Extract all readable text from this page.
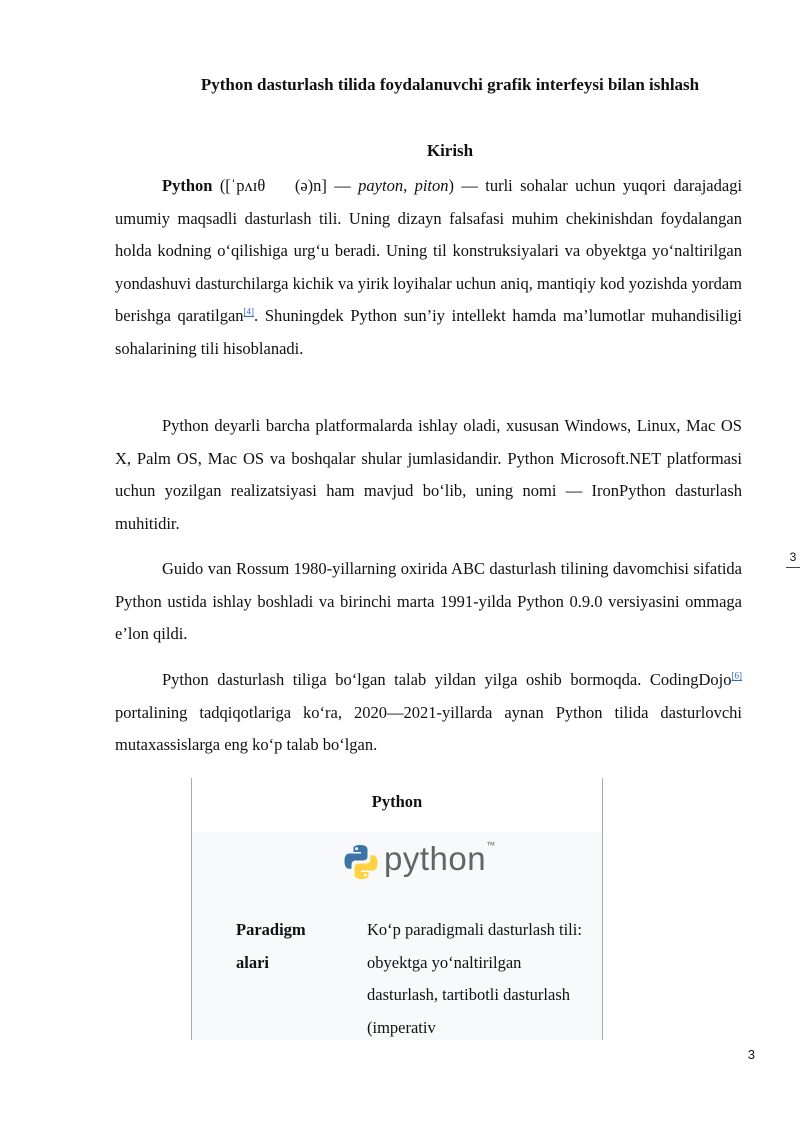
Python dasturlash tilida foydalanuvchi grafik interfeysi bilan ishlash
Kirish
Python ([ˈpʌɪθ (ə)n] — payton, piton) — turli sohalar uchun yuqori darajadagi umumiy maqsadli dasturlash tili. Uning dizayn falsafasi muhim chekinishdan foydalangan holda kodning oʻqilishiga urgʻu beradi. Uning til konstruksiyalari va obyektga yoʻnaltirilgan yondashuvi dasturchilarga kichik va yirik loyihalar uchun aniq, mantiqiy kod yozishda yordam berishga qaratilgan[4]. Shuningdek Python sun’iy intellekt hamda ma’lumotlar muhandisiligi sohalarining tili hisoblanadi.
Python deyarli barcha platformalarda ishlay oladi, xususan Windows, Linux, Mac OS X, Palm OS, Mac OS va boshqalar shular jumlasidandir. Python Microsoft.NET platformasi uchun yozilgan realizatsiyasi ham mavjud boʻlib, uning nomi — IronPython dasturlash muhitidir.
Guido van Rossum 1980-yillarning oxirida ABC dasturlash tilining davomchisi sifatida Python ustida ishlay boshladi va birinchi marta 1991-yilda Python 0.9.0 versiyasini ommaga e’lon qildi.
Python dasturlash tiliga boʻlgan talab yildan yilga oshib bormoqda. CodingDojo[6] portalining tadqiqotlariga koʻra, 2020—2021-yillarda aynan Python tilida dasturlovchi mutaxassislarga eng koʻp talab boʻlgan.
3
Python
python™
Paradigm alari
Koʻp paradigmali dasturlash tili: obyektga yoʻnaltirilgan dasturlash, tartibotli dasturlash (imperativ
3
